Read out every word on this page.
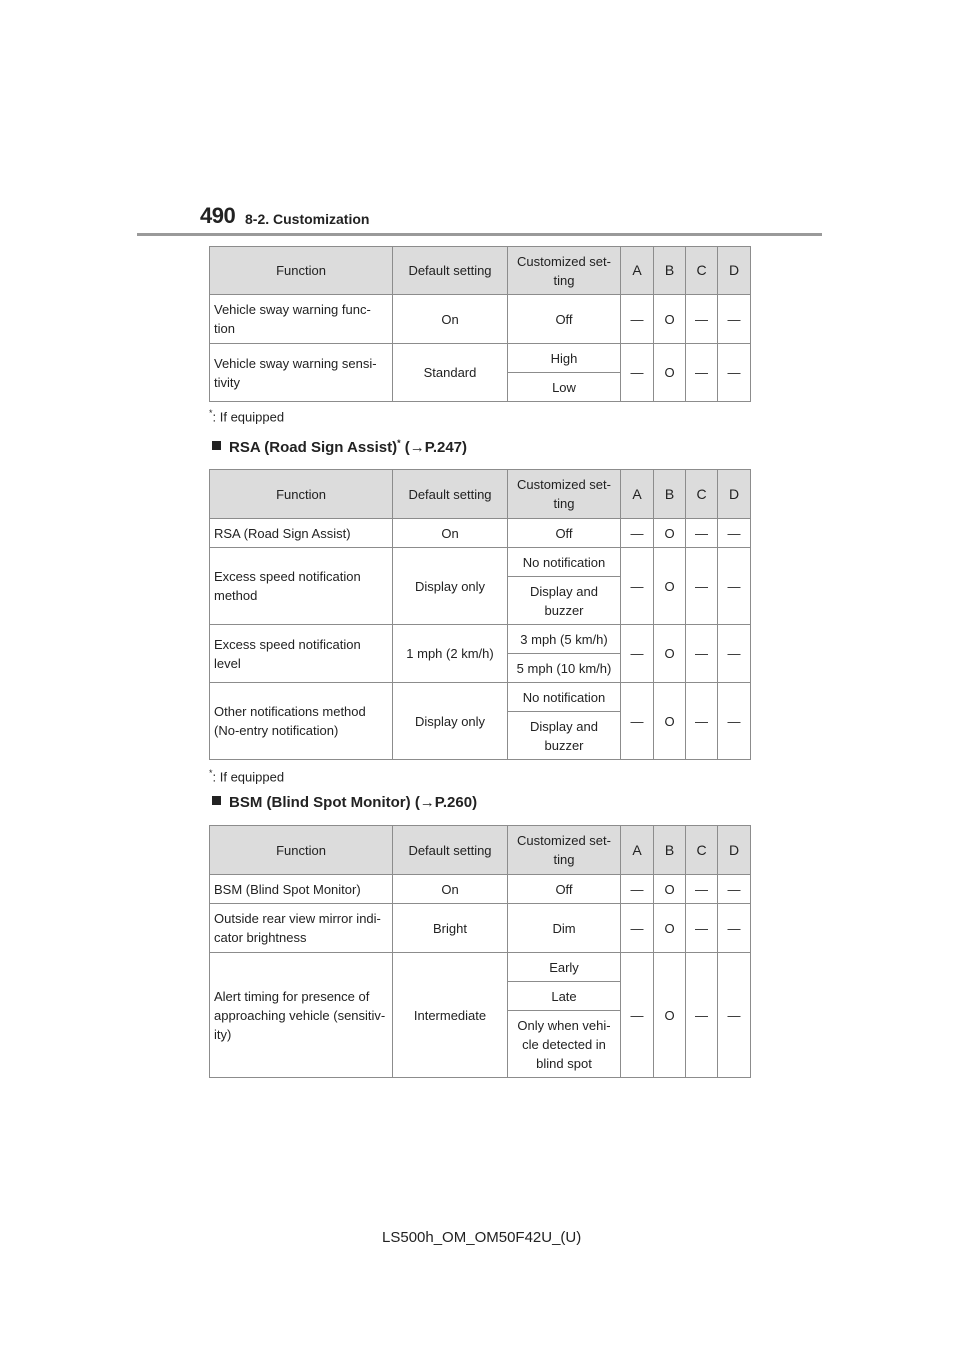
490 8-2. Customization
Function	Default setting	Customized set-ting	A	B	C	D
Vehicle sway warning func-tion	On	Off	—	O	—	—
Vehicle sway warning sensi-tivity	Standard	High	—	O	—	—
		Low				
*: If equipped
RSA (Road Sign Assist)* (→P.247)
Function	Default setting	Customized set-ting	A	B	C	D
RSA (Road Sign Assist)	On	Off	—	O	—	—
Excess speed notification method	Display only	No notification	—	O	—	—
		Display and buzzer				
Excess speed notification level	1 mph (2 km/h)	3 mph (5 km/h)	—	O	—	—
		5 mph (10 km/h)				
Other notifications method (No-entry notification)	Display only	No notification	—	O	—	—
		Display and buzzer				
*: If equipped
BSM (Blind Spot Monitor) (→P.260)
Function	Default setting	Customized set-ting	A	B	C	D
BSM (Blind Spot Monitor)	On	Off	—	O	—	—
Outside rear view mirror indi-cator brightness	Bright	Dim	—	O	—	—
Alert timing for presence of approaching vehicle (sensitiv-ity)	Intermediate	Early	—	O	—	—
		Late				
		Only when vehi-cle detected in blind spot				
LS500h_OM_OM50F42U_(U)
